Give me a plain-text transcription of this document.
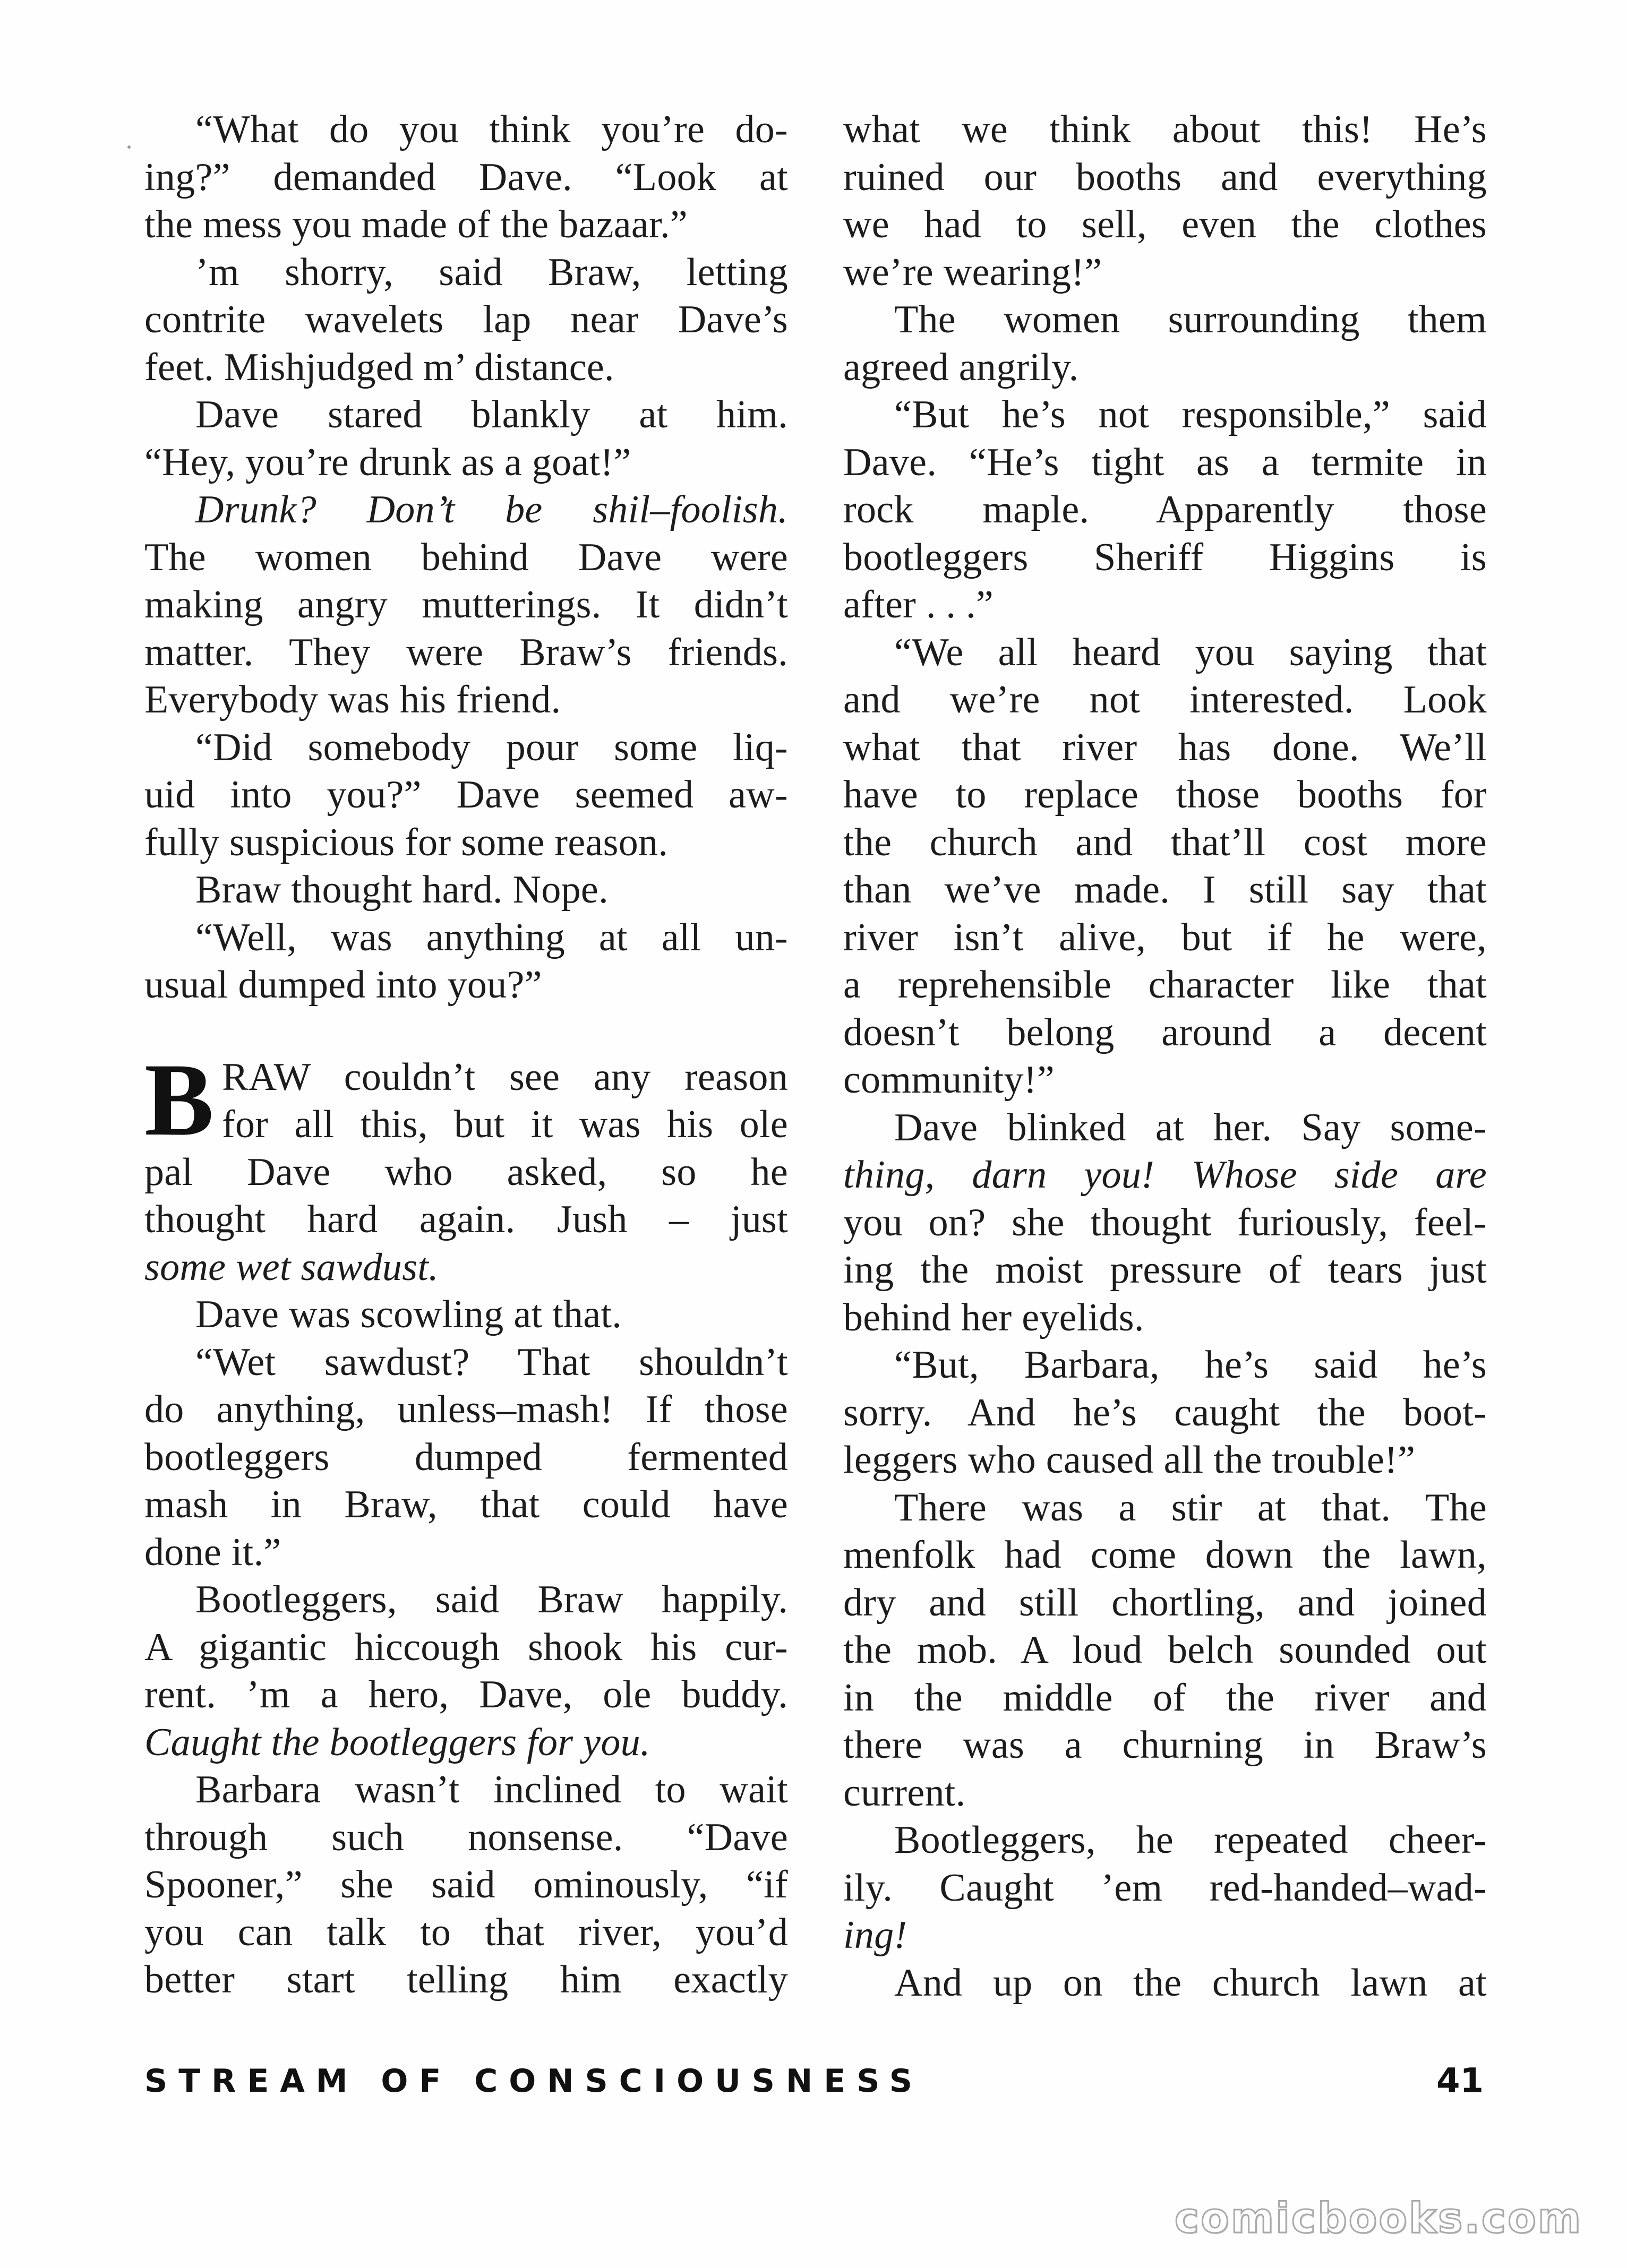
“What do you think you’re do-
ing?” demanded Dave. “Look at
the mess you made of the bazaar.”
’m shorry, said Braw, letting
contrite wavelets lap near Dave’s
feet. Mishjudged m’ distance.
Dave stared blankly at him.
“Hey, you’re drunk as a goat!”
Drunk? Don’t be shil–foolish.
The women behind Dave were
making angry mutterings. It didn’t
matter. They were Braw’s friends.
Everybody was his friend.
“Did somebody pour some liq-
uid into you?” Dave seemed aw-
fully suspicious for some reason.
Braw thought hard. Nope.
“Well, was anything at all un-
usual dumped into you?”
B RAW couldn’t see any reason
for all this, but it was his ole
pal Dave who asked, so he
thought hard again. Jush – just
some wet sawdust.
Dave was scowling at that.
“Wet sawdust? That shouldn’t
do anything, unless–mash! If those
bootleggers dumped fermented
mash in Braw, that could have
done it.”
Bootleggers, said Braw happily.
A gigantic hiccough shook his cur-
rent. ’m a hero, Dave, ole buddy.
Caught the bootleggers for you.
Barbara wasn’t inclined to wait
through such nonsense. “Dave
Spooner,” she said ominously, “if
you can talk to that river, you’d
better start telling him exactly
what we think about this! He’s
ruined our booths and everything
we had to sell, even the clothes
we’re wearing!”
The women surrounding them
agreed angrily.
“But he’s not responsible,” said
Dave. “He’s tight as a termite in
rock maple. Apparently those
bootleggers Sheriff Higgins is
after . . .”
“We all heard you saying that
and we’re not interested. Look
what that river has done. We’ll
have to replace those booths for
the church and that’ll cost more
than we’ve made. I still say that
river isn’t alive, but if he were,
a reprehensible character like that
doesn’t belong around a decent
community!”
Dave blinked at her. Say some-
thing, darn you! Whose side are
you on? she thought furiously, feel-
ing the moist pressure of tears just
behind her eyelids.
“But, Barbara, he’s said he’s
sorry. And he’s caught the boot-
leggers who caused all the trouble!”
There was a stir at that. The
menfolk had come down the lawn,
dry and still chortling, and joined
the mob. A loud belch sounded out
in the middle of the river and
there was a churning in Braw’s
current.
Bootleggers, he repeated cheer-
ily. Caught ’em red-handed–wad-
ing!
And up on the church lawn at
STREAM OF CONSCIOUSNESS	41
comicbooks.com
